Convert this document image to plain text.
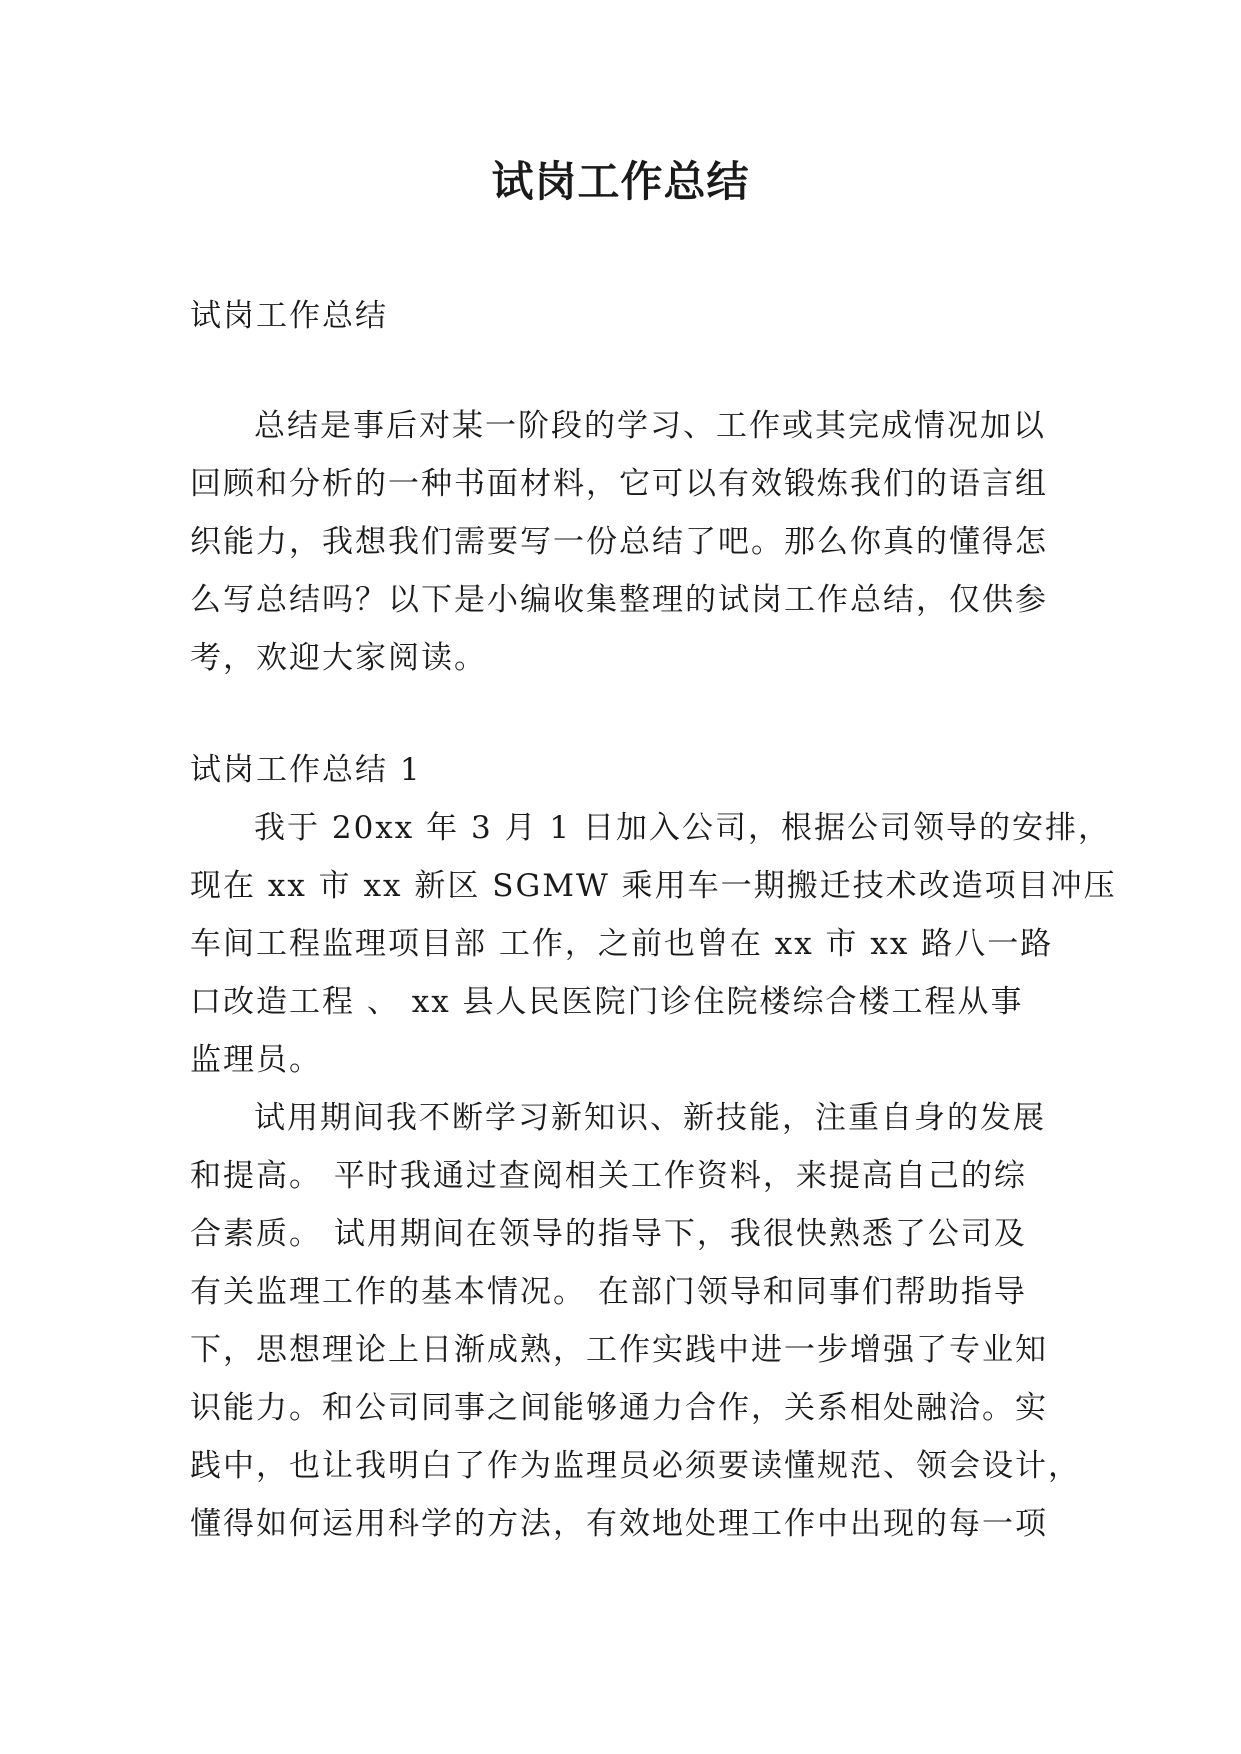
试岗工作总结

试岗工作总结

总结是事后对某一阶段的学习、工作或其完成情况加以
回顾和分析的一种书面材料，它可以有效锻炼我们的语言组
织能力，我想我们需要写一份总结了吧。那么你真的懂得怎
么写总结吗？以下是小编收集整理的试岗工作总结，仅供参
考，欢迎大家阅读。

试岗工作总结 1

我于 20xx 年 3 月 1 日加入公司，根据公司领导的安排，
现在 xx 市 xx 新区 SGMW 乘用车一期搬迁技术改造项目冲压
车间工程监理项目部 工作，之前也曾在 xx 市 xx 路八一路
口改造工程 、 xx 县人民医院门诊住院楼综合楼工程从事
监理员。

试用期间我不断学习新知识、新技能，注重自身的发展
和提高。 平时我通过查阅相关工作资料，来提高自己的综
合素质。 试用期间在领导的指导下，我很快熟悉了公司及
有关监理工作的基本情况。 在部门领导和同事们帮助指导
下，思想理论上日渐成熟，工作实践中进一步增强了专业知
识能力。和公司同事之间能够通力合作，关系相处融洽。实
践中，也让我明白了作为监理员必须要读懂规范、领会设计，
懂得如何运用科学的方法，有效地处理工作中出现的每一项
